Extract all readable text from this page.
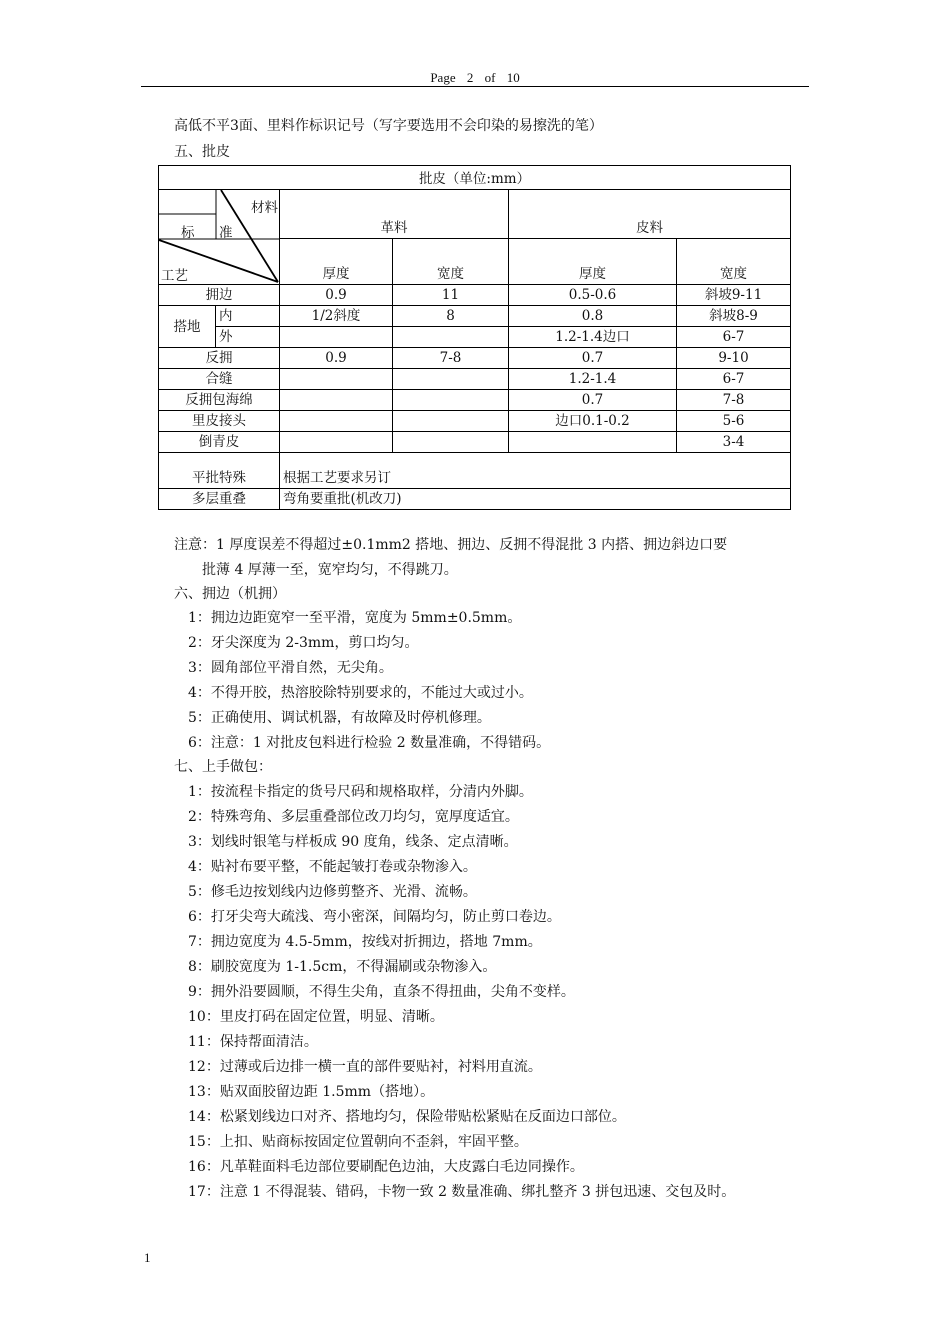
Page 2 of 10
高低不平3面、里料作标识记号（写字要选用不会印染的易擦洗的笔）
五、批皮
批皮（单位:mm）					

材料
标 准
工艺		革料		皮料	
		厚度	宽度	厚度	宽度
拥边		0.9	11	0.5-0.6	斜坡9-11
搭地	内	1/2斜度	8	0.8	斜坡8-9
	外			1.2-1.4边口	6-7
反拥		0.9	7-8	0.7	9-10
合缝				1.2-1.4	6-7
反拥包海绵				0.7	7-8
里皮接头				边口0.1-0.2	5-6
倒青皮					3-4
平批特殊		根据工艺要求另订			
多层重叠		弯角要重批(机改刀)			
注意：1 厚度误差不得超过±0.1mm2 搭地、拥边、反拥不得混批 3 内搭、拥边斜边口要
批薄 4 厚薄一至，宽窄均匀，不得跳刀。
六、拥边（机拥）
1：拥边边距宽窄一至平滑，宽度为 5mm±0.5mm。
2：牙尖深度为 2-3mm，剪口均匀。
3：圆角部位平滑自然，无尖角。
4：不得开胶，热溶胶除特别要求的，不能过大或过小。
5：正确使用、调试机器，有故障及时停机修理。
6：注意：1 对批皮包料进行检验 2 数量准确，不得错码。
七、上手做包：
1：按流程卡指定的货号尺码和规格取样，分清内外脚。
2：特殊弯角、多层重叠部位改刀均匀，宽厚度适宜。
3：划线时银笔与样板成 90 度角，线条、定点清晰。
4：贴衬布要平整，不能起皱打卷或杂物渗入。
5：修毛边按划线内边修剪整齐、光滑、流畅。
6：打牙尖弯大疏浅、弯小密深，间隔均匀，防止剪口卷边。
7：拥边宽度为 4.5-5mm，按线对折拥边，搭地 7mm。
8：刷胶宽度为 1-1.5cm，不得漏刷或杂物渗入。
9：拥外沿要圆顺，不得生尖角，直条不得扭曲，尖角不变样。
10：里皮打码在固定位置，明显、清晰。
11：保持帮面清洁。
12：过薄或后边排一横一直的部件要贴衬，衬料用直流。
13：贴双面胶留边距 1.5mm（搭地）。
14：松紧划线边口对齐、搭地均匀，保险带贴松紧贴在反面边口部位。
15：上扣、贴商标按固定位置朝向不歪斜，牢固平整。
16：凡革鞋面料毛边部位要刷配色边油，大皮露白毛边同操作。
17：注意 1 不得混装、错码，卡物一致 2 数量准确、绑扎整齐 3 拼包迅速、交包及时。
1
